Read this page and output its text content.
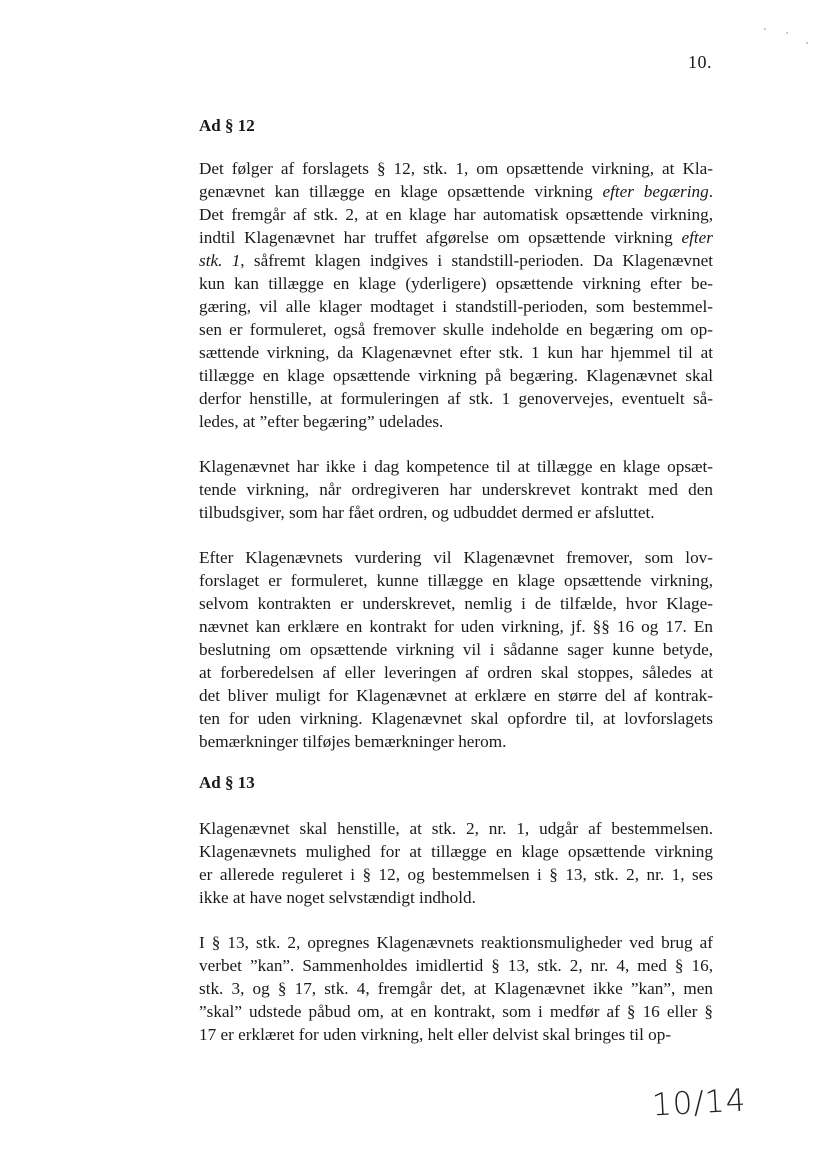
10.
Ad § 12
Det følger af forslagets § 12, stk. 1, om opsættende virkning, at Kla-
genævnet kan tillægge en klage opsættende virkning efter begæring.
Det fremgår af stk. 2, at en klage har automatisk opsættende virkning,
indtil Klagenævnet har truffet afgørelse om opsættende virkning efter
stk. 1, såfremt klagen indgives i standstill-perioden. Da Klagenævnet
kun kan tillægge en klage (yderligere) opsættende virkning efter be-
gæring, vil alle klager modtaget i standstill-perioden, som bestemmel-
sen er formuleret, også fremover skulle indeholde en begæring om op-
sættende virkning, da Klagenævnet efter stk. 1 kun har hjemmel til at
tillægge en klage opsættende virkning på begæring. Klagenævnet skal
derfor henstille, at formuleringen af stk. 1 genovervejes, eventuelt så-
ledes, at ”efter begæring” udelades.
Klagenævnet har ikke i dag kompetence til at tillægge en klage opsæt-
tende virkning, når ordregiveren har underskrevet kontrakt med den
tilbudsgiver, som har fået ordren, og udbuddet dermed er afsluttet.
Efter Klagenævnets vurdering vil Klagenævnet fremover, som lov-
forslaget er formuleret, kunne tillægge en klage opsættende virkning,
selvom kontrakten er underskrevet, nemlig i de tilfælde, hvor Klage-
nævnet kan erklære en kontrakt for uden virkning, jf. §§ 16 og 17. En
beslutning om opsættende virkning vil i sådanne sager kunne betyde,
at forberedelsen af eller leveringen af ordren skal stoppes, således at
det bliver muligt for Klagenævnet at erklære en større del af kontrak-
ten for uden virkning. Klagenævnet skal opfordre til, at lovforslagets
bemærkninger tilføjes bemærkninger herom.
Ad § 13
Klagenævnet skal henstille, at stk. 2, nr. 1, udgår af bestemmelsen.
Klagenævnets mulighed for at tillægge en klage opsættende virkning
er allerede reguleret i § 12, og bestemmelsen i § 13, stk. 2, nr. 1, ses
ikke at have noget selvstændigt indhold.
I § 13, stk. 2, opregnes Klagenævnets reaktionsmuligheder ved brug af
verbet ”kan”. Sammenholdes imidlertid § 13, stk. 2, nr. 4, med § 16,
stk. 3, og § 17, stk. 4, fremgår det, at Klagenævnet ikke ”kan”, men
”skal” udstede påbud om, at en kontrakt, som i medfør af § 16 eller §
17 er erklæret for uden virkning, helt eller delvist skal bringes til op-
10/14
